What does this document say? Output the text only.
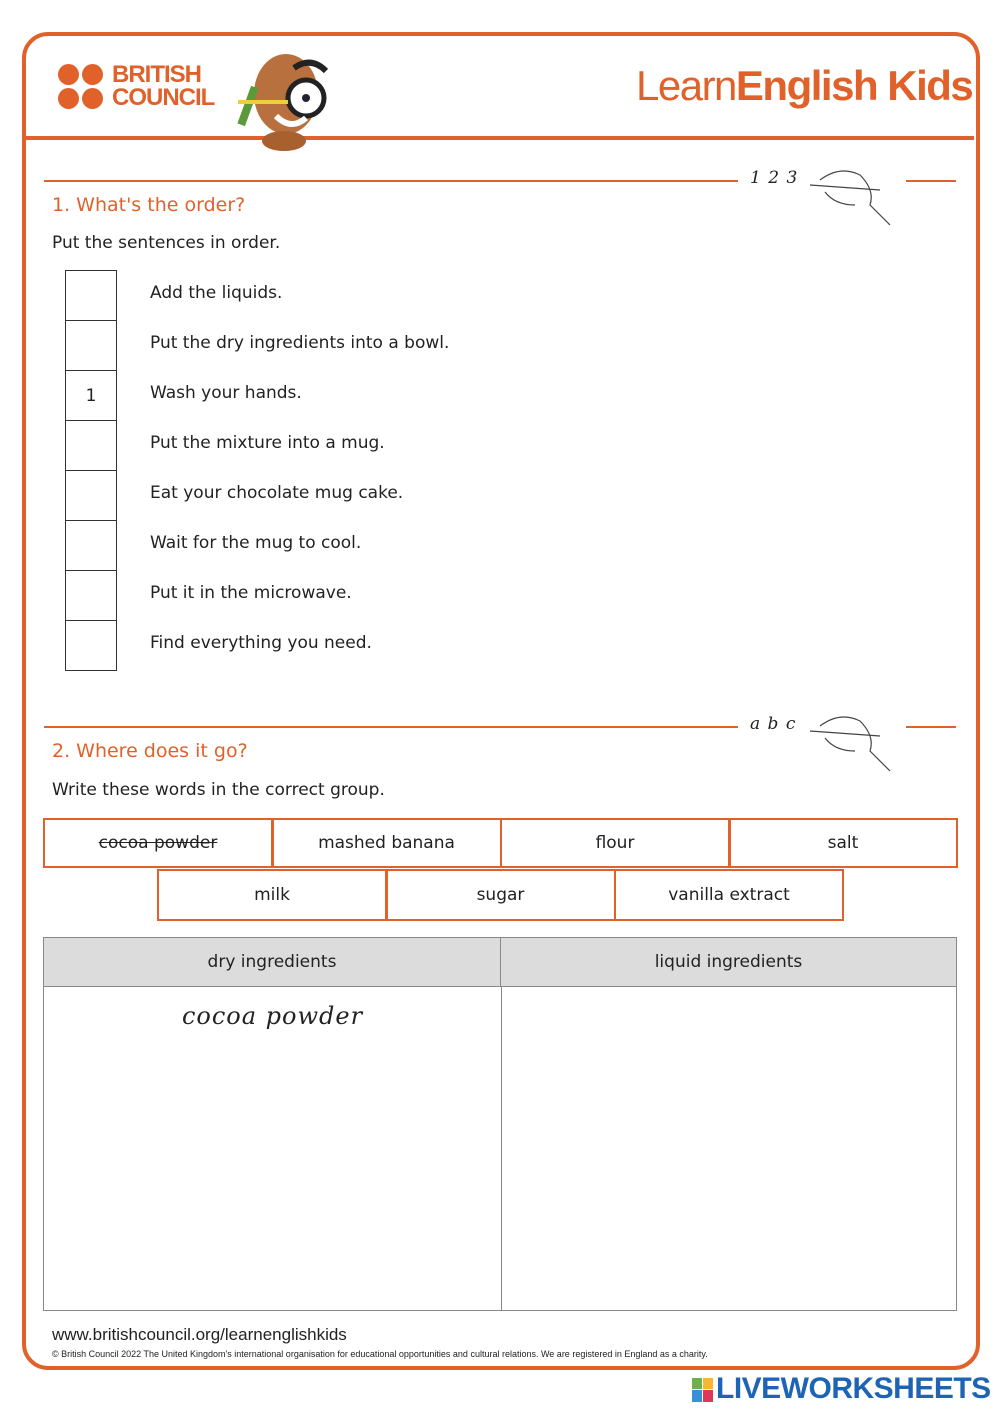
BRITISH
COUNCIL	LearnEnglish Kids
1 2 3
1. What's the order?
Put the sentences in order.
Add the liquids.
Put the dry ingredients into a bowl.
1	Wash your hands.
Put the mixture into a mug.
Eat your chocolate mug cake.
Wait for the mug to cool.
Put it in the microwave.
Find everything you need.
a b c
2. Where does it go?
Write these words in the correct group.
cocoa powder	mashed banana	flour	salt
milk	sugar	vanilla extract
dry ingredients	liquid ingredients
cocoa powder
www.britishcouncil.org/learnenglishkids
© British Council 2022 The United Kingdom's international organisation for educational opportunities and cultural relations. We are registered in England as a charity.
LIVEWORKSHEETS
